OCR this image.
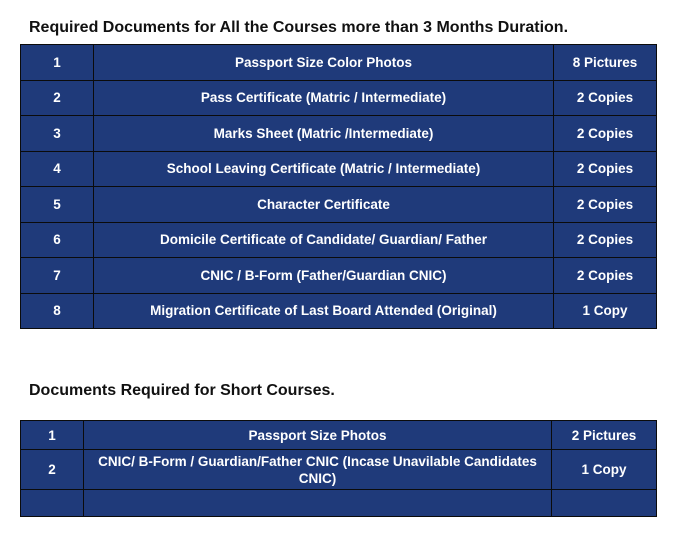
Required Documents for All the Courses more than 3 Months Duration.
1	Passport Size Color Photos	8 Pictures
2	Pass Certificate (Matric / Intermediate)	2 Copies
3	Marks Sheet (Matric /Intermediate)	2 Copies
4	School Leaving Certificate (Matric / Intermediate)	2 Copies
5	Character Certificate	2 Copies
6	Domicile Certificate of Candidate/ Guardian/ Father	2 Copies
7	CNIC / B-Form (Father/Guardian CNIC)	2 Copies
8	Migration Certificate of Last Board Attended (Original)	1 Copy
Documents Required for Short Courses.
1	Passport Size Photos	2 Pictures
2	CNIC/ B-Form / Guardian/Father CNIC (Incase Unavilable Candidates CNIC)	1 Copy
